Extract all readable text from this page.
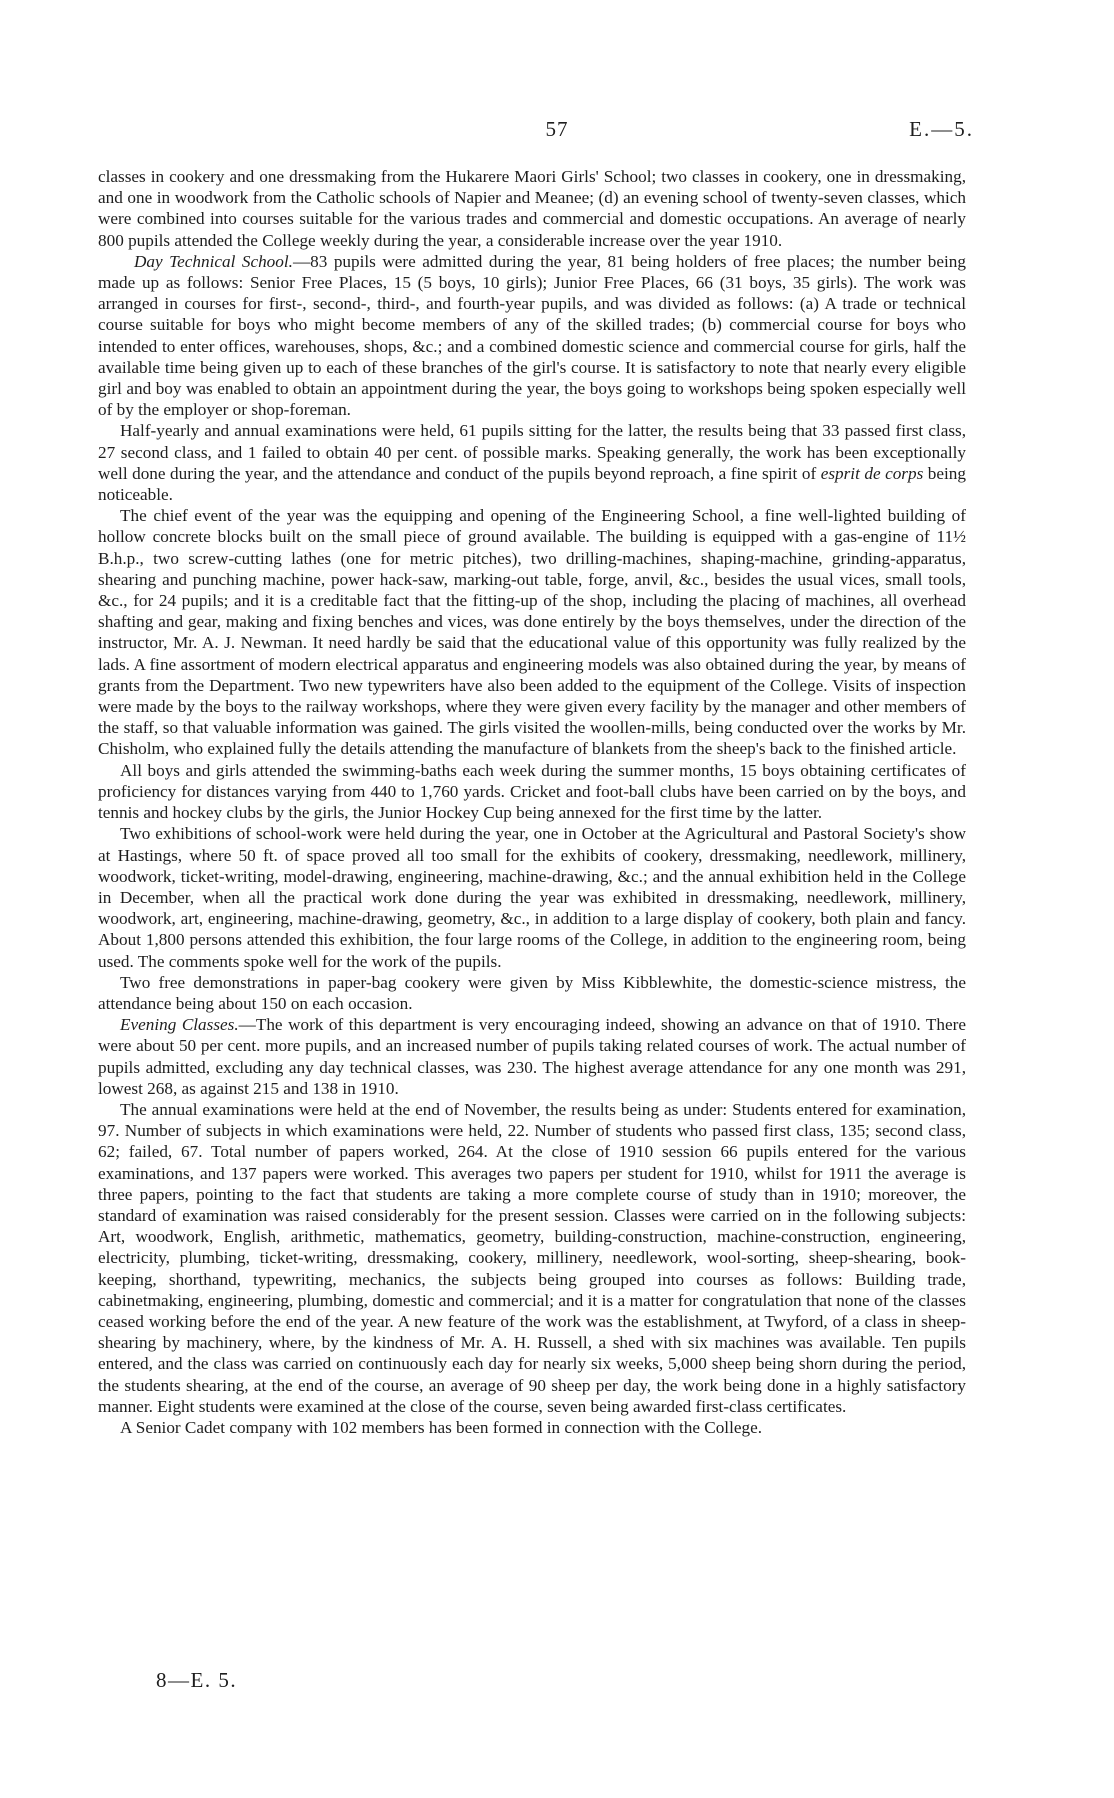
57	E.—5.

classes in cookery and one dressmaking from the Hukarere Maori Girls' School; two classes in cookery, one in dressmaking, and one in woodwork from the Catholic schools of Napier and Meanee; (d) an evening school of twenty-seven classes, which were combined into courses suitable for the various trades and commercial and domestic occupations. An average of nearly 800 pupils attended the College weekly during the year, a considerable increase over the year 1910.

Day Technical School.—83 pupils were admitted during the year, 81 being holders of free places; the number being made up as follows: Senior Free Places, 15 (5 boys, 10 girls); Junior Free Places, 66 (31 boys, 35 girls). The work was arranged in courses for first-, second-, third-, and fourth-year pupils, and was divided as follows: (a) A trade or technical course suitable for boys who might become members of any of the skilled trades; (b) commercial course for boys who intended to enter offices, warehouses, shops, &c.; and a combined domestic science and commercial course for girls, half the available time being given up to each of these branches of the girl's course. It is satisfactory to note that nearly every eligible girl and boy was enabled to obtain an appointment during the year, the boys going to workshops being spoken especially well of by the employer or shop-foreman.

Half-yearly and annual examinations were held, 61 pupils sitting for the latter, the results being that 33 passed first class, 27 second class, and 1 failed to obtain 40 per cent. of possible marks. Speaking generally, the work has been exceptionally well done during the year, and the attendance and conduct of the pupils beyond reproach, a fine spirit of esprit de corps being noticeable.

The chief event of the year was the equipping and opening of the Engineering School, a fine well-lighted building of hollow concrete blocks built on the small piece of ground available. The building is equipped with a gas-engine of 11½ B.h.p., two screw-cutting lathes (one for metric pitches), two drilling-machines, shaping-machine, grinding-apparatus, shearing and punching machine, power hack-saw, marking-out table, forge, anvil, &c., besides the usual vices, small tools, &c., for 24 pupils; and it is a creditable fact that the fitting-up of the shop, including the placing of machines, all overhead shafting and gear, making and fixing benches and vices, was done entirely by the boys themselves, under the direction of the instructor, Mr. A. J. Newman. It need hardly be said that the educational value of this opportunity was fully realized by the lads. A fine assortment of modern electrical apparatus and engineering models was also obtained during the year, by means of grants from the Department. Two new typewriters have also been added to the equipment of the College. Visits of inspection were made by the boys to the railway workshops, where they were given every facility by the manager and other members of the staff, so that valuable information was gained. The girls visited the woollen-mills, being conducted over the works by Mr. Chisholm, who explained fully the details attending the manufacture of blankets from the sheep's back to the finished article.

All boys and girls attended the swimming-baths each week during the summer months, 15 boys obtaining certificates of proficiency for distances varying from 440 to 1,760 yards. Cricket and foot-ball clubs have been carried on by the boys, and tennis and hockey clubs by the girls, the Junior Hockey Cup being annexed for the first time by the latter.

Two exhibitions of school-work were held during the year, one in October at the Agricultural and Pastoral Society's show at Hastings, where 50 ft. of space proved all too small for the exhibits of cookery, dressmaking, needlework, millinery, woodwork, ticket-writing, model-drawing, engineering, machine-drawing, &c.; and the annual exhibition held in the College in December, when all the practical work done during the year was exhibited in dressmaking, needlework, millinery, woodwork, art, engineering, machine-drawing, geometry, &c., in addition to a large display of cookery, both plain and fancy. About 1,800 persons attended this exhibition, the four large rooms of the College, in addition to the engineering room, being used. The comments spoke well for the work of the pupils.

Two free demonstrations in paper-bag cookery were given by Miss Kibblewhite, the domestic-science mistress, the attendance being about 150 on each occasion.

Evening Classes.—The work of this department is very encouraging indeed, showing an advance on that of 1910. There were about 50 per cent. more pupils, and an increased number of pupils taking related courses of work. The actual number of pupils admitted, excluding any day technical classes, was 230. The highest average attendance for any one month was 291, lowest 268, as against 215 and 138 in 1910.

The annual examinations were held at the end of November, the results being as under: Students entered for examination, 97. Number of subjects in which examinations were held, 22. Number of students who passed first class, 135; second class, 62; failed, 67. Total number of papers worked, 264. At the close of 1910 session 66 pupils entered for the various examinations, and 137 papers were worked. This averages two papers per student for 1910, whilst for 1911 the average is three papers, pointing to the fact that students are taking a more complete course of study than in 1910; moreover, the standard of examination was raised considerably for the present session. Classes were carried on in the following subjects: Art, woodwork, English, arithmetic, mathematics, geometry, building-construction, machine-construction, engineering, electricity, plumbing, ticket-writing, dressmaking, cookery, millinery, needlework, wool-sorting, sheep-shearing, book-keeping, shorthand, typewriting, mechanics, the subjects being grouped into courses as follows: Building trade, cabinetmaking, engineering, plumbing, domestic and commercial; and it is a matter for congratulation that none of the classes ceased working before the end of the year. A new feature of the work was the establishment, at Twyford, of a class in sheep-shearing by machinery, where, by the kindness of Mr. A. H. Russell, a shed with six machines was available. Ten pupils entered, and the class was carried on continuously each day for nearly six weeks, 5,000 sheep being shorn during the period, the students shearing, at the end of the course, an average of 90 sheep per day, the work being done in a highly satisfactory manner. Eight students were examined at the close of the course, seven being awarded first-class certificates.

A Senior Cadet company with 102 members has been formed in connection with the College.

8—E. 5.
